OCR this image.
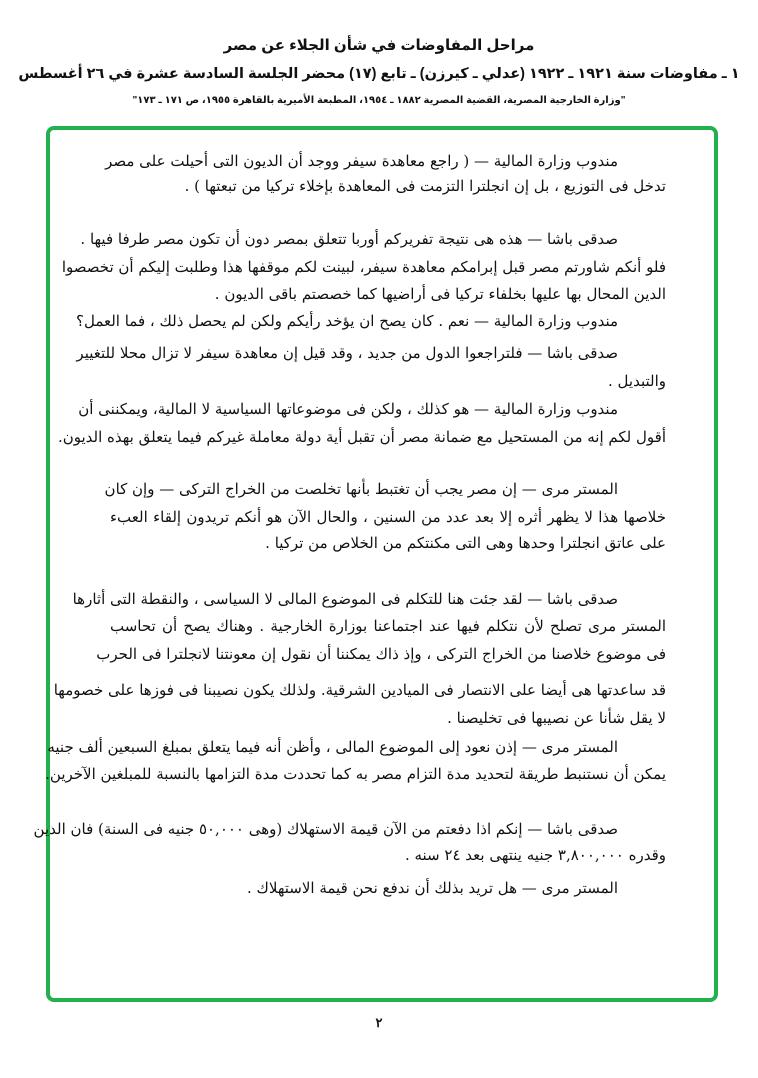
مراحل المفاوضات في شأن الجلاء عن مصر
١ ـ مفاوضات سنة ١٩٢١ ـ ١٩٢٢ (عدلي ـ كيرزن) ـ تابع (١٧) محضر الجلسة السادسة عشرة في ٢٦ أغسطس
"وزارة الخارجية المصرية، القضية المصرية ١٨٨٢ ـ ١٩٥٤، المطبعة الأميرية بالقاهرة ١٩٥٥، ص ١٧١ ـ ١٧٣"
مندوب وزارة المالية — ( راجع معاهدة سيفر ووجد أن الديون التى أحيلت على مصر
تدخل فى التوزيع ، بل إن انجلترا التزمت فى المعاهدة بإخلاء تركيا من تبعتها ) .
صدقى باشا — هذه هى نتيجة تفريركم أوربا تتعلق بمصر دون أن تكون مصر طرفا فيها .
فلو أنكم شاورتم مصر قبل إبرامكم معاهدة سيفر، لبينت لكم موقفها هذا وطلبت إليكم أن تخصصوا
الدين المحال بها عليها بخلفاء تركيا فى أراضيها كما خصصتم باقى الديون .
مندوب وزارة المالية — نعم . كان يصح ان يؤخد رأيكم ولكن لم يحصل ذلك ، فما العمل؟
صدقى باشا — فلتراجعوا الدول من جديد ، وقد قيل إن معاهدة سيفر لا تزال محلا للتغيير
والتبديل .
مندوب وزارة المالية — هو كذلك ، ولكن فى موضوعاتها السياسية لا المالية، ويمكننى أن
أقول لكم إنه من المستحيل مع ضمانة مصر أن تقبل أية دولة معاملة غيركم فيما يتعلق بهذه الديون.
المستر مرى — إن مصر يجب أن تغتبط بأنها تخلصت من الخراج التركى — وإن كان
خلاصها هذا لا يظهر أثره إلا بعد عدد من السنين ، والحال الآن هو أنكم تريدون إلقاء العبء
على عاتق انجلترا وحدها وهى التى مكنتكم من الخلاص من تركيا .
صدقى باشا — لقد جئت هنا للتكلم فى الموضوع المالى لا السياسى ، والنقطة التى أثارها
المستر مرى تصلح لأن نتكلم فيها عند اجتماعنا بوزارة الخارجية . وهناك يصح أن تحاسب
فى موضوع خلاصنا من الخراج التركى ، وإذ ذاك يمكننا أن نقول إن معونتنا لانجلترا فى الحرب
قد ساعدتها هى أيضا على الانتصار فى الميادين الشرقية. ولذلك يكون نصيبنا فى فوزها على خصومها
لا يقل شأنا عن نصيبها فى تخليصنا .
المستر مرى — إذن نعود إلى الموضوع المالى ، وأظن أنه فيما يتعلق بمبلغ السبعين ألف جنيه
يمكن أن نستنبط طريقة لتحديد مدة التزام مصر به كما تحددت مدة التزامها بالنسبة للمبلغين الآخرين.
صدقى باشا — إنكم اذا دفعتم من الآن قيمة الاستهلاك (وهى ٥٠,٠٠٠ جنيه فى السنة) فان الدين
وقدره ٣,٨٠٠,٠٠٠ جنيه ينتهى بعد ٢٤ سنه .
المستر مرى — هل تريد بذلك أن ندفع نحن قيمة الاستهلاك .
٢
